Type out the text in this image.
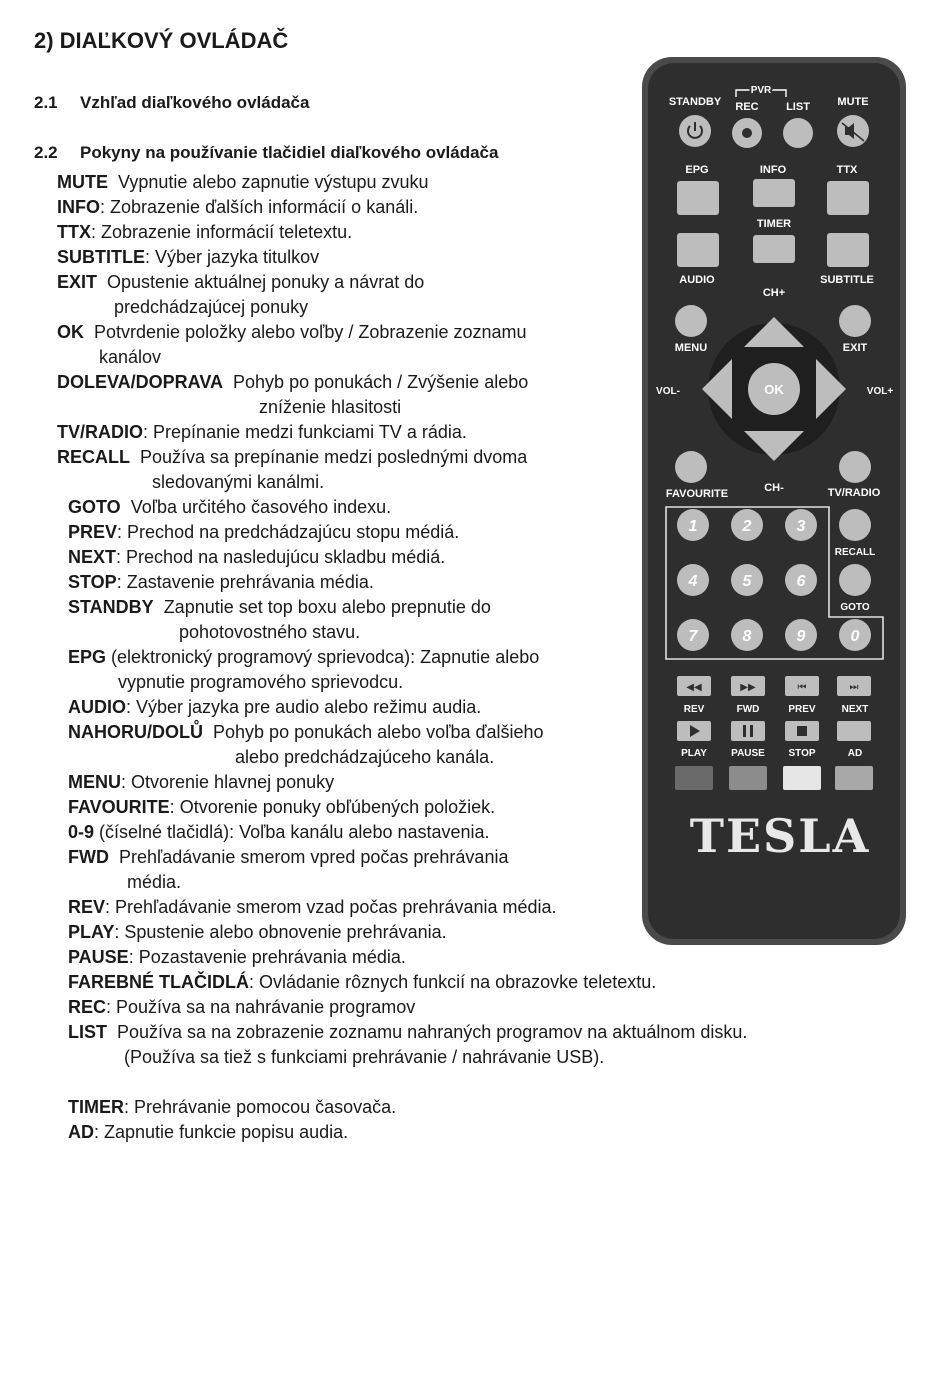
2) DIAĽKOVÝ OVLÁDAČ

2.1 Vzhľad diaľkového ovládača

2.2 Pokyny na používanie tlačidiel diaľkového ovládača

MUTE Vypnutie alebo zapnutie výstupu zvuku
INFO: Zobrazenie ďalších informácií o kanáli.
TTX: Zobrazenie informácií teletextu.
SUBTITLE: Výber jazyka titulkov
EXIT Opustenie aktuálnej ponuky a návrat do
predchádzajúcej ponuky
OK Potvrdenie položky alebo voľby / Zobrazenie zoznamu
kanálov
DOLEVA/DOPRAVA Pohyb po ponukách / Zvýšenie alebo
zníženie hlasitosti
TV/RADIO: Prepínanie medzi funkciami TV a rádia.
RECALL Používa sa prepínanie medzi poslednými dvoma
sledovanými kanálmi.
GOTO Voľba určitého časového indexu.
PREV: Prechod na predchádzajúcu stopu médiá.
NEXT: Prechod na nasledujúcu skladbu médiá.
STOP: Zastavenie prehrávania média.
STANDBY Zapnutie set top boxu alebo prepnutie do
pohotovostného stavu.
EPG (elektronický programový sprievodca): Zapnutie alebo
vypnutie programového sprievodcu.
AUDIO: Výber jazyka pre audio alebo režimu audia.
NAHORU/DOLŮ Pohyb po ponukách alebo voľba ďalšieho
alebo predchádzajúceho kanála.
MENU: Otvorenie hlavnej ponuky
FAVOURITE: Otvorenie ponuky obľúbených položiek.
0-9 (číselné tlačidlá): Voľba kanálu alebo nastavenia.
FWD Prehľadávanie smerom vpred počas prehrávania
média.
REV: Prehľadávanie smerom vzad počas prehrávania média.
PLAY: Spustenie alebo obnovenie prehrávania.
PAUSE: Pozastavenie prehrávania média.
FAREBNÉ TLAČIDLÁ: Ovládanie rôznych funkcií na obrazovke teletextu.
REC: Používa sa na nahrávanie programov
LIST Používa sa na zobrazenie zoznamu nahraných programov na aktuálnom disku.
(Používa sa tiež s funkciami prehrávanie / nahrávanie USB).
TIMER: Prehrávanie pomocou časovača.
AD: Zapnutie funkcie popisu audia.
STANDBY
PVR
REC LIST MUTE
EPG	INFO	TTX
TIMER
AUDIO	SUBTITLE
CH+
OK
MENU	EXIT
VOL-	VOL+
FAVOURITE	CH-	TV/RADIO
1	2	3
4	5	6
7	8	9	0
RECALL
GOTO
◀◀	▶▶	⏮	⏭
REV	FWD	PREV	NEXT
PLAY PAUSE STOP	AD
TESLA
